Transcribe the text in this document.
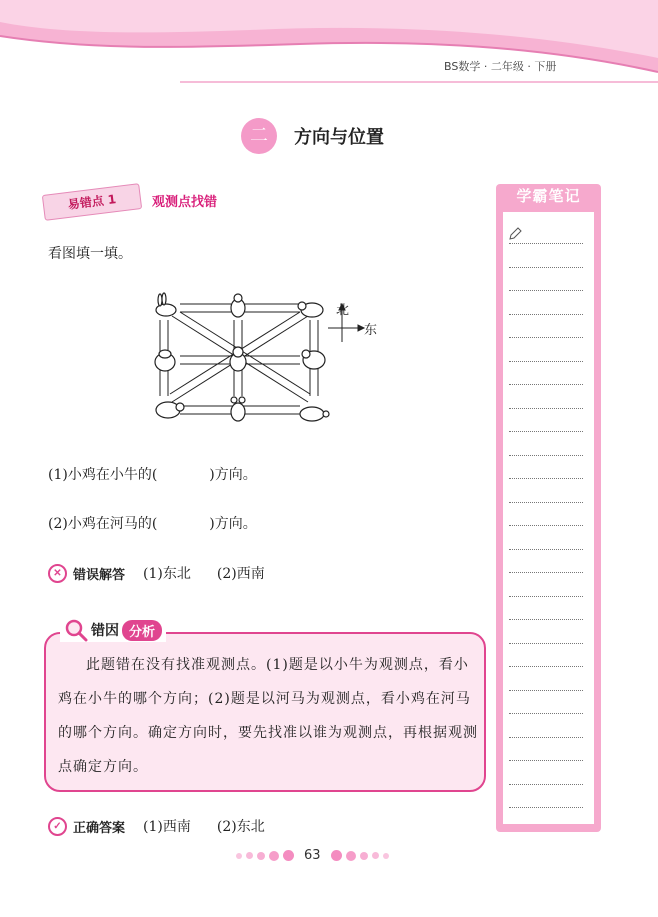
BS数学 · 二年级 · 下册
二	方向与位置
易错点 1	观测点找错
看图填一填。
北
东
(1)小鸡在小牛的(	)方向。
(2)小鸡在河马的(	)方向。
✕ 错误解答 (1)东北 (2)西南
错因 分析
此题错在没有找准观测点。(1)题是以小牛为观测点，看小鸡在小牛的哪个方向；(2)题是以河马为观测点，看小鸡在河马的哪个方向。确定方向时，要先找准以谁为观测点，再根据观测点确定方向。
✓ 正确答案 (1)西南 (2)东北
学霸笔记
63
